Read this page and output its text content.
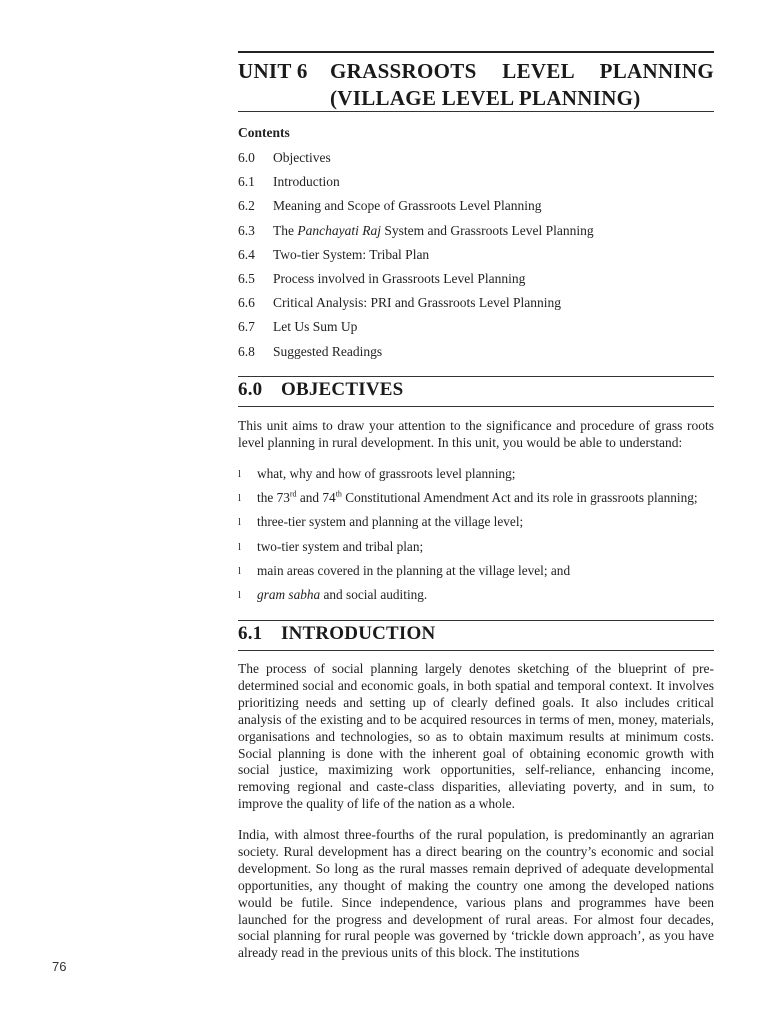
UNIT 6	GRASSROOTS LEVEL PLANNING
(VILLAGE LEVEL PLANNING)
Contents
6.0	Objectives
6.1	Introduction
6.2	Meaning and Scope of Grassroots Level Planning
6.3	The Panchayati Raj System and Grassroots Level Planning
6.4	Two-tier System: Tribal Plan
6.5	Process involved in Grassroots Level Planning
6.6	Critical Analysis: PRI and Grassroots Level Planning
6.7	Let Us Sum Up
6.8	Suggested Readings
6.0 OBJECTIVES
This unit aims to draw your attention to the significance and procedure of grass roots level planning in rural development. In this unit, you would be able to understand:
l	what, why and how of grassroots level planning;
l	the 73rd and 74th Constitutional Amendment Act and its role in grassroots planning;
l	three-tier system and planning at the village level;
l	two-tier system and tribal plan;
l	main areas covered in the planning at the village level; and
l	gram sabha and social auditing.
6.1 INTRODUCTION
The process of social planning largely denotes sketching of the blueprint of pre-determined social and economic goals, in both spatial and temporal context. It involves prioritizing needs and setting up of clearly defined goals. It also includes critical analysis of the existing and to be acquired resources in terms of men, money, materials, organisations and technologies, so as to obtain maximum results at minimum costs. Social planning is done with the inherent goal of obtaining economic growth with social justice, maximizing work opportunities, self-reliance, enhancing income, removing regional and caste-class disparities, alleviating poverty, and in sum, to improve the quality of life of the nation as a whole.
India, with almost three-fourths of the rural population, is predominantly an agrarian society. Rural development has a direct bearing on the country’s economic and social development. So long as the rural masses remain deprived of adequate developmental opportunities, any thought of making the country one among the developed nations would be futile. Since independence, various plans and programmes have been launched for the progress and development of rural areas. For almost four decades, social planning for rural people was governed by ‘trickle down approach’, as you have already read in the previous units of this block. The institutions
76
